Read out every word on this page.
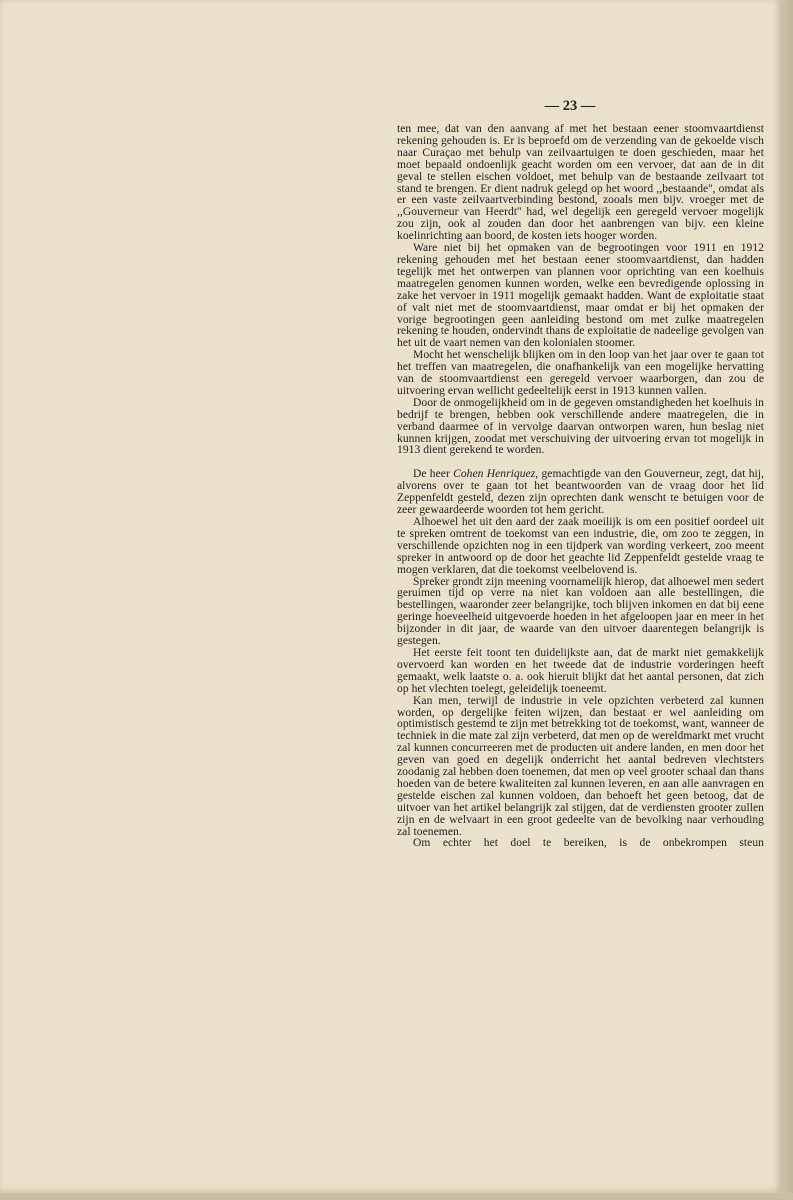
— 23 —

ten mee, dat van den aanvang af met het bestaan eener stoomvaartdienst rekening gehouden is. Er is beproefd om de verzending van de gekoelde visch naar Curaçao met behulp van zeilvaartuigen te doen geschieden, maar het moet bepaald ondoenlijk geacht worden om een vervoer, dat aan de in dit geval te stellen eischen voldoet, met behulp van de bestaande zeilvaart tot stand te brengen. Er dient nadruk gelegd op het woord ,,bestaande'', omdat als er een vaste zeilvaartverbinding bestond, zooals men bijv. vroeger met de ,,Gouverneur van Heerdt'' had, wel degelijk een geregeld vervoer mogelijk zou zijn, ook al zouden dan door het aanbrengen van bijv. een kleine koelinrichting aan boord, de kosten iets hooger worden.

Ware niet bij het opmaken van de begrootingen voor 1911 en 1912 rekening gehouden met het bestaan eener stoomvaartdienst, dan hadden tegelijk met het ontwerpen van plannen voor oprichting van een koelhuis maatregelen genomen kunnen worden, welke een bevredigende oplossing in zake het vervoer in 1911 mogelijk gemaakt hadden. Want de exploitatie staat of valt niet met de stoomvaartdienst, maar omdat er bij het opmaken der vorige begrootingen geen aanleiding bestond om met zulke maatregelen rekening te houden, ondervindt thans de exploitatie de nadeelige gevolgen van het uit de vaart nemen van den kolonialen stoomer.

Mocht het wenschelijk blijken om in den loop van het jaar over te gaan tot het treffen van maatregelen, die onafhankelijk van een mogelijke hervatting van de stoomvaartdienst een geregeld vervoer waarborgen, dan zou de uitvoering ervan wellicht gedeeltelijk eerst in 1913 kunnen vallen.

Door de onmogelijkheid om in de gegeven omstandigheden het koelhuis in bedrijf te brengen, hebben ook verschillende andere maatregelen, die in verband daarmee of in vervolge daarvan ontworpen waren, hun beslag niet kunnen krijgen, zoodat met verschuiving der uitvoering ervan tot mogelijk in 1913 dient gerekend te worden.

De heer Cohen Henriquez, gemachtigde van den Gouverneur, zegt, dat hij, alvorens over te gaan tot het beantwoorden van de vraag door het lid Zeppenfeldt gesteld, dezen zijn oprechten dank wenscht te betuigen voor de zeer gewaardeerde woorden tot hem gericht.

Alhoewel het uit den aard der zaak moeilijk is om een positief oordeel uit te spreken omtrent de toekomst van een industrie, die, om zoo te zeggen, in verschillende opzichten nog in een tijdperk van wording verkeert, zoo meent spreker in antwoord op de door het geachte lid Zeppenfeldt gestelde vraag te mogen verklaren, dat die toekomst veelbelovend is.

Spreker grondt zijn meening voornamelijk hierop, dat alhoewel men sedert geruimen tijd op verre na niet kan voldoen aan alle bestellingen, die bestellingen, waaronder zeer belangrijke, toch blijven inkomen en dat bij eene geringe hoeveelheid uitgevoerde hoeden in het afgeloopen jaar en meer in het bijzonder in dit jaar, de waarde van den uitvoer daarentegen belangrijk is gestegen.

Het eerste feit toont ten duidelijkste aan, dat de markt niet gemakkelijk overvoerd kan worden en het tweede dat de industrie vorderingen heeft gemaakt, welk laatste o. a. ook hieruit blijkt dat het aantal personen, dat zich op het vlechten toelegt, geleidelijk toeneemt.

Kan men, terwijl de industrie in vele opzichten verbeterd zal kunnen worden, op dergelijke feiten wijzen, dan bestaat er wel aanleiding om optimistisch gestemd te zijn met betrekking tot de toekomst, want, wanneer de techniek in die mate zal zijn verbeterd, dat men op de wereldmarkt met vrucht zal kunnen concurreeren met de producten uit andere landen, en men door het geven van goed en degelijk onderricht het aantal bedreven vlechtsters zoodanig zal hebben doen toenemen, dat men op veel grooter schaal dan thans hoeden van de betere kwaliteiten zal kunnen leveren, en aan alle aanvragen en gestelde eischen zal kunnen voldoen, dan behoeft het geen betoog, dat de uitvoer van het artikel belangrijk zal stijgen, dat de verdiensten grooter zullen zijn en de welvaart in een groot gedeelte van de bevolking naar verhouding zal toenemen.

Om echter het doel te bereiken, is de onbekrompen steun
